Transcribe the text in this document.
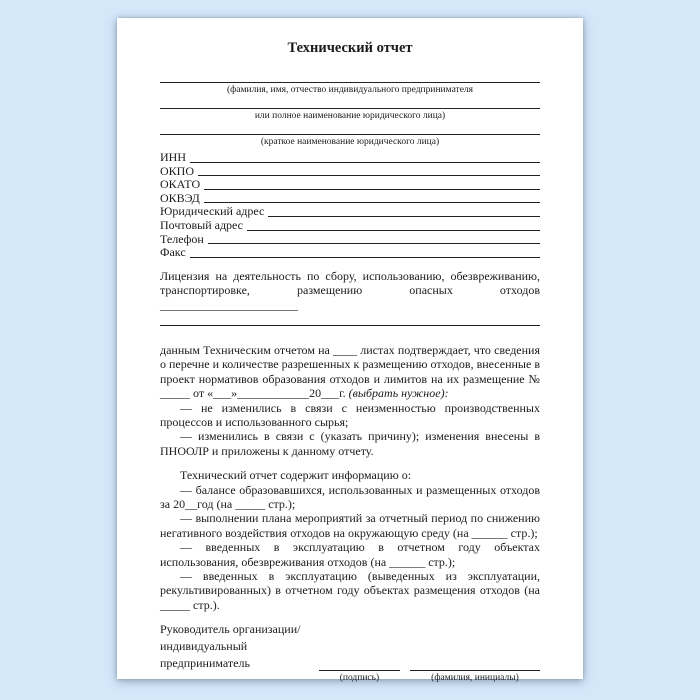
Технический отчет
(фамилия, имя, отчество индивидуального предпринимателя
или полное наименование юридического лица)
(краткое наименование юридического лица)
ИНН
ОКПО
ОКАТО
ОКВЭД
Юридический адрес
Почтовый адрес
Телефон
Факс

Лицензия на деятельность по сбору, использованию, обезвреживанию, транспортировке, размещению опасных отходов _______________________

данным Техническим отчетом на ____ листах подтверждает, что сведения о перечне и количестве разрешенных к размещению отходов, внесенные в проект нормативов образования отходов и лимитов на их размещение № _____ от «___»____________20___г. (выбрать нужное):

— не изменились в связи с неизменностью производственных процессов и использованного сырья;

— изменились в связи с (указать причину); изменения внесены в ПНООЛР и приложены к данному отчету.

Технический отчет содержит информацию о:

— балансе образовавшихся, использованных и размещенных отходов за 20__год (на _____ стр.);

— выполнении плана мероприятий за отчетный период по снижению негативного воздействия отходов на окружающую среду (на ______ стр.);

— введенных в эксплуатацию в отчетном году объектах использования, обезвреживания отходов (на ______ стр.);

— введенных в эксплуатацию (выведенных из эксплуатации, рекультивированных) в отчетном году объектах размещения отходов (на _____ стр.).

Руководитель организации/
индивидуальный
предприниматель
(подпись)	(фамилия, инициалы)
